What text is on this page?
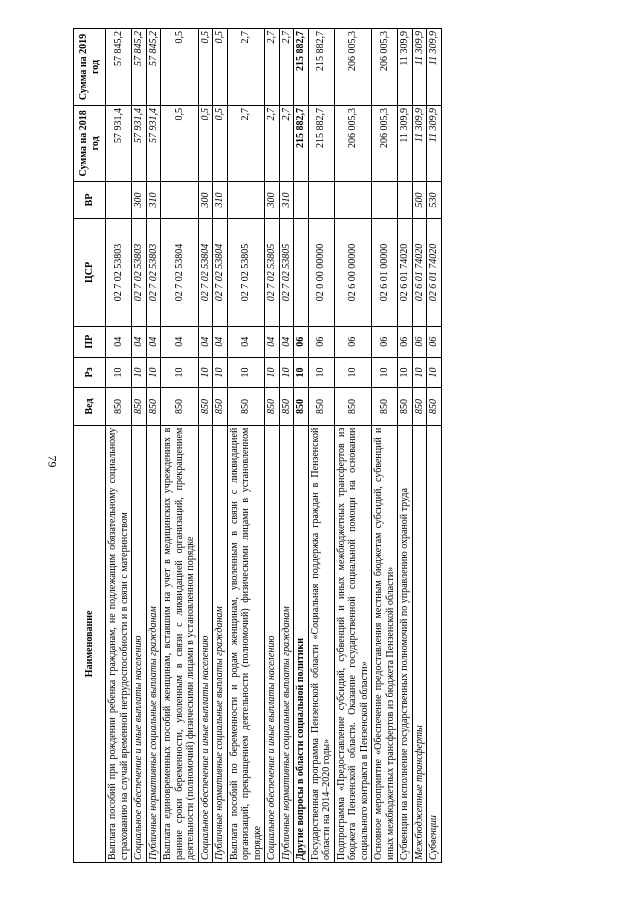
79
Наименование	Вед	Рз	ПР	ЦСР	ВР	Сумма на 2018 год	Сумма на 2019 год
Выплата пособий при рождении ребенка гражданам, не подлежащим обязательному социальному страхованию на случай временной нетрудоспособности и в связи с материнством	850	10	04	02 7 02 53803		57 931,4	57 845,2
Социальное обеспечение и иные выплаты населению	850	10	04	02 7 02 53803	300	57 931,4	57 845,2
Публичные нормативные социальные выплаты гражданам	850	10	04	02 7 02 53803	310	57 931,4	57 845,2
Выплата единовременных пособий женщинам, вставшим на учет в медицинских учреждениях в ранние сроки беременности, уволенным в связи с ликвидацией организаций, прекращением деятельности (полномочий) физическими лицами в установленном порядке	850	10	04	02 7 02 53804		0,5	0,5
Социальное обеспечение и иные выплаты населению	850	10	04	02 7 02 53804	300	0,5	0,5
Публичные нормативные социальные выплаты гражданам	850	10	04	02 7 02 53804	310	0,5	0,5
Выплата пособий по беременности и родам женщинам, уволенным в связи с ликвидацией организаций, прекращением деятельности (полномочий) физическими лицами в установленном порядке	850	10	04	02 7 02 53805		2,7	2,7
Социальное обеспечение и иные выплаты населению	850	10	04	02 7 02 53805	300	2,7	2,7
Публичные нормативные социальные выплаты гражданам	850	10	04	02 7 02 53805	310	2,7	2,7
Другие вопросы в области социальной политики	850	10	06			215 882,7	215 882,7
Государственная программа Пензенской области «Социальная поддержка граждан в Пензенской области на 2014–2020 годы»	850	10	06	02 0 00 00000		215 882,7	215 882,7
Подпрограмма «Предоставление субсидий, субвенций и иных межбюджетных трансфертов из бюджета Пензенской области. Оказание государственной социальной помощи на основании социального контракта в Пензенской области»	850	10	06	02 6 00 00000		206 005,3	206 005,3
Основное мероприятие «Обеспечение предоставления местным бюджетам субсидий, субвенций и иных межбюджетных трансфертов из бюджета Пензенской области»	850	10	06	02 6 01 00000		206 005,3	206 005,3
Субвенции на исполнение государственных полномочий по управлению охраной труда	850	10	06	02 6 01 74020		11 309,9	11 309,9
Межбюджетные трансферты	850	10	06	02 6 01 74020	500	11 309,9	11 309,9
Субвенции	850	10	06	02 6 01 74020	530	11 309,9	11 309,9
